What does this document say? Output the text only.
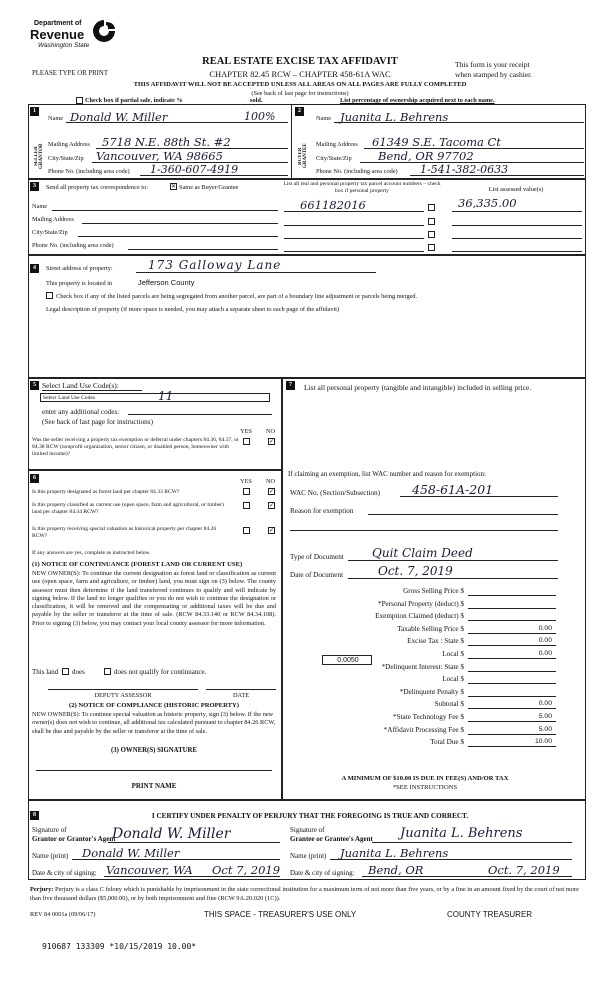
Department of
Revenue
Washington State
PLEASE TYPE OR PRINT
REAL ESTATE EXCISE TAX AFFIDAVIT
CHAPTER 82.45 RCW – CHAPTER 458-61A WAC
This form is your receipt
when stamped by cashier.
THIS AFFIDAVIT WILL NOT BE ACCEPTED UNLESS ALL AREAS ON ALL PAGES ARE FULLY COMPLETED
(See back of last page for instructions)
Check box if partial sale, indicate %	sold.	List percentage of ownership acquired next to each name.
1
SELLER GRANTOR
Name Donald W. Miller	100%
Mailing Address 5718 N.E. 88th St. #2
City/State/Zip Vancouver, WA 98665
Phone No. (including area code) 1-360-607-4919
2
BUYER GRANTEE
Name Juanita L. Behrens
Mailing Address 61349 S.E. Tacoma Ct
City/State/Zip Bend, OR 97702
Phone No. (including area code) 1-541-382-0633
3	Send all property tax correspondence to:	✕ Same as Buyer/Grantee
Name
Mailing Address
City/State/Zip
Phone No. (including area code)
List all real and personal property tax parcel account numbers – check box if personal property	List assessed value(s)
661182016	36,335.00
4	Street address of property:	173 Galloway Lane
This property is located in	Jefferson County
Check box if any of the listed parcels are being segregated from another parcel, are part of a boundary line adjustment or parcels being merged.
Legal description of property (if more space is needed, you may attach a separate sheet to each page of the affidavit)
5 Select Land Use Code(s):
Select Land Use Codes	11
enter any additional codes:
(See back of last page for instructions)
YES NO
Was the seller receiving a property tax exemption or deferral under chapters 84.36, 84.37, or 84.38 RCW (nonprofit organization, senior citizen, or disabled person, homeowner with limited income)?
✓
6	YES NO
Is this property designated as forest land per chapter 84.33 RCW?	✓
Is this property classified as current use (open space, farm and agricultural, or timber) land per chapter 84.34 RCW?
✓
Is this property receiving special valuation as historical property per chapter 84.26 RCW?
✓
If any answers are yes, complete as instructed below.
(1) NOTICE OF CONTINUANCE (FOREST LAND OR CURRENT USE)
NEW OWNER(S): To continue the current designation as forest land or classification as current use (open space, farm and agriculture, or timber) land, you must sign on (3) below. The county assessor must then determine if the land transferred continues to qualify and will indicate by signing below. If the land no longer qualifies or you do not wish to continue the designation or classification, it will be removed and the compensating or additional taxes will be due and payable by the seller or transferor at the time of sale. (RCW 84.33.140 or RCW 84.34.108). Prior to signing (3) below, you may contact your local county assessor for more information.
This land does	does not qualify for continuance.
DEPUTY ASSESSOR	DATE
(2) NOTICE OF COMPLIANCE (HISTORIC PROPERTY)
NEW OWNER(S): To continue special valuation as historic property, sign (3) below. If the new owner(s) does not wish to continue, all additional tax calculated pursuant to chapter 84.26 RCW, shall be due and payable by the seller or transferor at the time of sale.
(3) OWNER(S) SIGNATURE
PRINT NAME
7	List all personal property (tangible and intangible) included in selling price.
If claiming an exemption, list WAC number and reason for exemption:
WAC No. (Section/Subsection)	458-61A-201
Reason for exemption
Type of Document Quit Claim Deed
Date of Document	Oct. 7, 2019
Gross Selling Price $
*Personal Property (deduct) $
Exemption Claimed (deduct) $
Taxable Selling Price $	0.00
Excise Tax : State $	0.00
Local $	0.00
*Delinquent Interest: State $
Local $
*Delinquent Penalty $
Subtotal $	0.00
*State Technology Fee $	5.00
*Affidavit Processing Fee $	5.00
Total Due $	10.00
0.0050
A MINIMUM OF $10.00 IS DUE IN FEE(S) AND/OR TAX
*SEE INSTRUCTIONS
8	I CERTIFY UNDER PENALTY OF PERJURY THAT THE FOREGOING IS TRUE AND CORRECT.
Signature of
Grantor or Grantor's Agent
Donald W. Miller
Name (print) Donald W. Miller
Date & city of signing: Vancouver, WA Oct 7, 2019
Signature of
Grantee or Grantee's Agent Juanita L. Behrens
Name (print) Juanita L. Behrens
Date & city of signing: Bend, OR	Oct. 7, 2019
Perjury: Perjury is a class C felony which is punishable by imprisonment in the state correctional institution for a maximum term of not more than five years, or by a fine in an amount fixed by the court of not more than five thousand dollars ($5,000.00), or by both imprisonment and fine (RCW 9A.20.020 (1C)).
REV 84 0001a (09/06/17)	THIS SPACE - TREASURER'S USE ONLY	COUNTY TREASURER
910687 133309 *10/15/2019 10.00*
